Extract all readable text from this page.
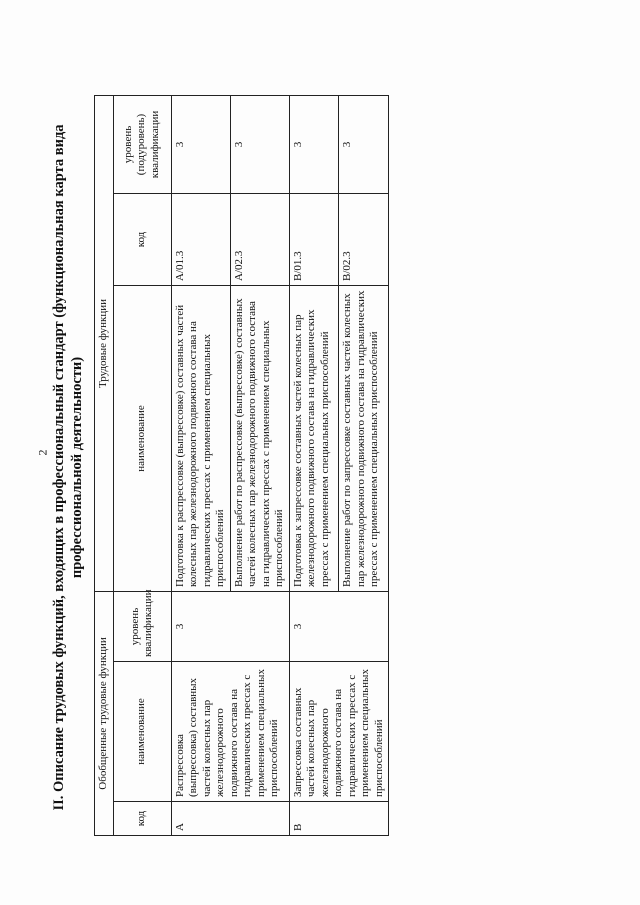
2 II. Описание трудовых функций, входящих в профессиональный стандарт (функциональная карта вида профессиональной деятельности)
Обобщенные трудовые функции			Трудовые функции		
код	наименование	уровень квалификации	наименование	код	уровень (подуровень) квалификации
А	Распрессовка (выпрессовка) составных частей колесных пар железнодорожного подвижного состава на гидравлических прессах с применением специальных приспособлений	3	Подготовка к распрессовке (выпрессовке) составных частей колесных пар железнодорожного подвижного состава на гидравлических прессах с применением специальных приспособлений	A/01.3	3
			Выполнение работ по распрессовке (выпрессовке) составных частей колесных пар железнодорожного подвижного состава на гидравлических прессах с применением специальных приспособлений	A/02.3	3
В	Запрессовка составных частей колесных пар железнодорожного подвижного состава на гидравлических прессах с применением специальных приспособлений	3	Подготовка к запрессовке составных частей колесных пар железнодорожного подвижного состава на гидравлических прессах с применением специальных приспособлений	B/01.3	3
			Выполнение работ по запрессовке составных частей колесных пар железнодорожного подвижного состава на гидравлических прессах с применением специальных приспособлений	B/02.3	3
